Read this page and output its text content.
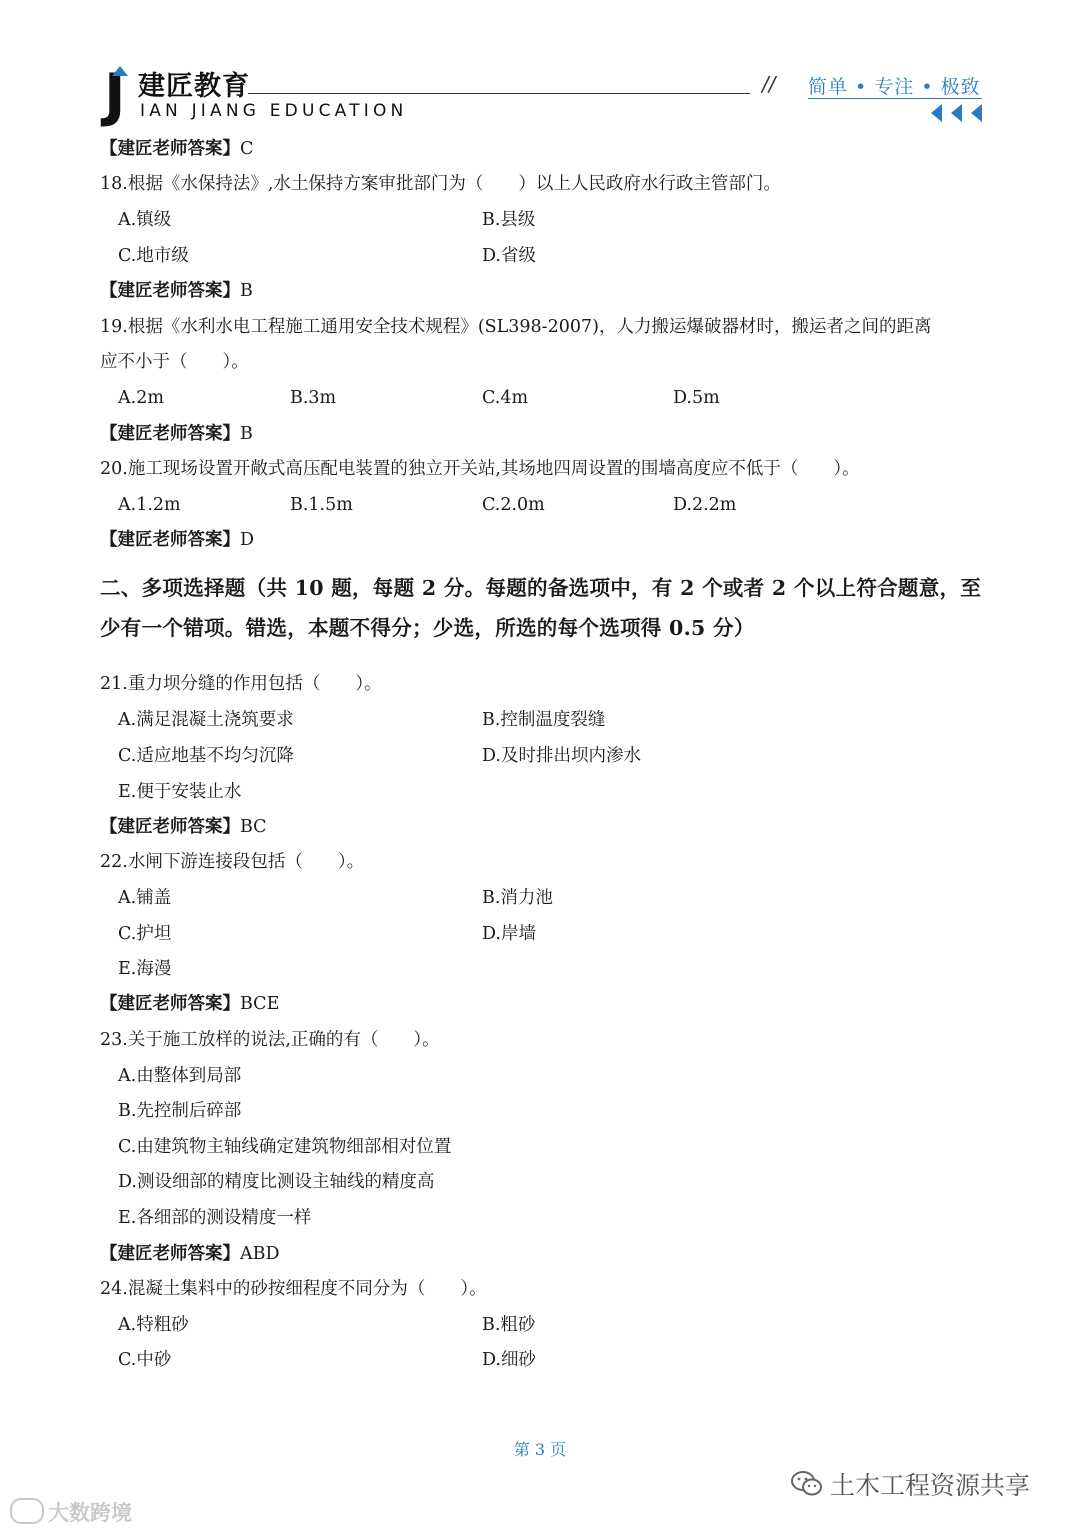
J 建匠教育
IAN JIANG EDUCATION
// 简单 • 专注 • 极致
【建匠老师答案】C
18.根据《水保持法》,水土保持方案审批部门为（　　）以上人民政府水行政主管部门。
A.镇级	B.县级
C.地市级	D.省级
【建匠老师答案】B
19.根据《水利水电工程施工通用安全技术规程》(SL398-2007)，人力搬运爆破器材时，搬运者之间的距离
应不小于（　　）。
A.2m	B.3m	C.4m	D.5m
【建匠老师答案】B
20.施工现场设置开敞式高压配电装置的独立开关站,其场地四周设置的围墙高度应不低于（　　）。
A.1.2m	B.1.5m	C.2.0m	D.2.2m
【建匠老师答案】D
二、多项选择题（共 10 题，每题 2 分。每题的备选项中，有 2 个或者 2 个以上符合题意，至
少有一个错项。错选，本题不得分；少选，所选的每个选项得 0.5 分）
21.重力坝分缝的作用包括（　　）。
A.满足混凝土浇筑要求	B.控制温度裂缝
C.适应地基不均匀沉降	D.及时排出坝内渗水
E.便于安装止水
【建匠老师答案】BC
22.水闸下游连接段包括（　　）。
A.铺盖	B.消力池
C.护坦	D.岸墙
E.海漫
【建匠老师答案】BCE
23.关于施工放样的说法,正确的有（　　）。
A.由整体到局部
B.先控制后碎部
C.由建筑物主轴线确定建筑物细部相对位置
D.测设细部的精度比测设主轴线的精度高
E.各细部的测设精度一样
【建匠老师答案】ABD
24.混凝土集料中的砂按细程度不同分为（　　）。
A.特粗砂	B.粗砂
C.中砂	D.细砂
第 3 页
土木工程资源共享
大数跨境
